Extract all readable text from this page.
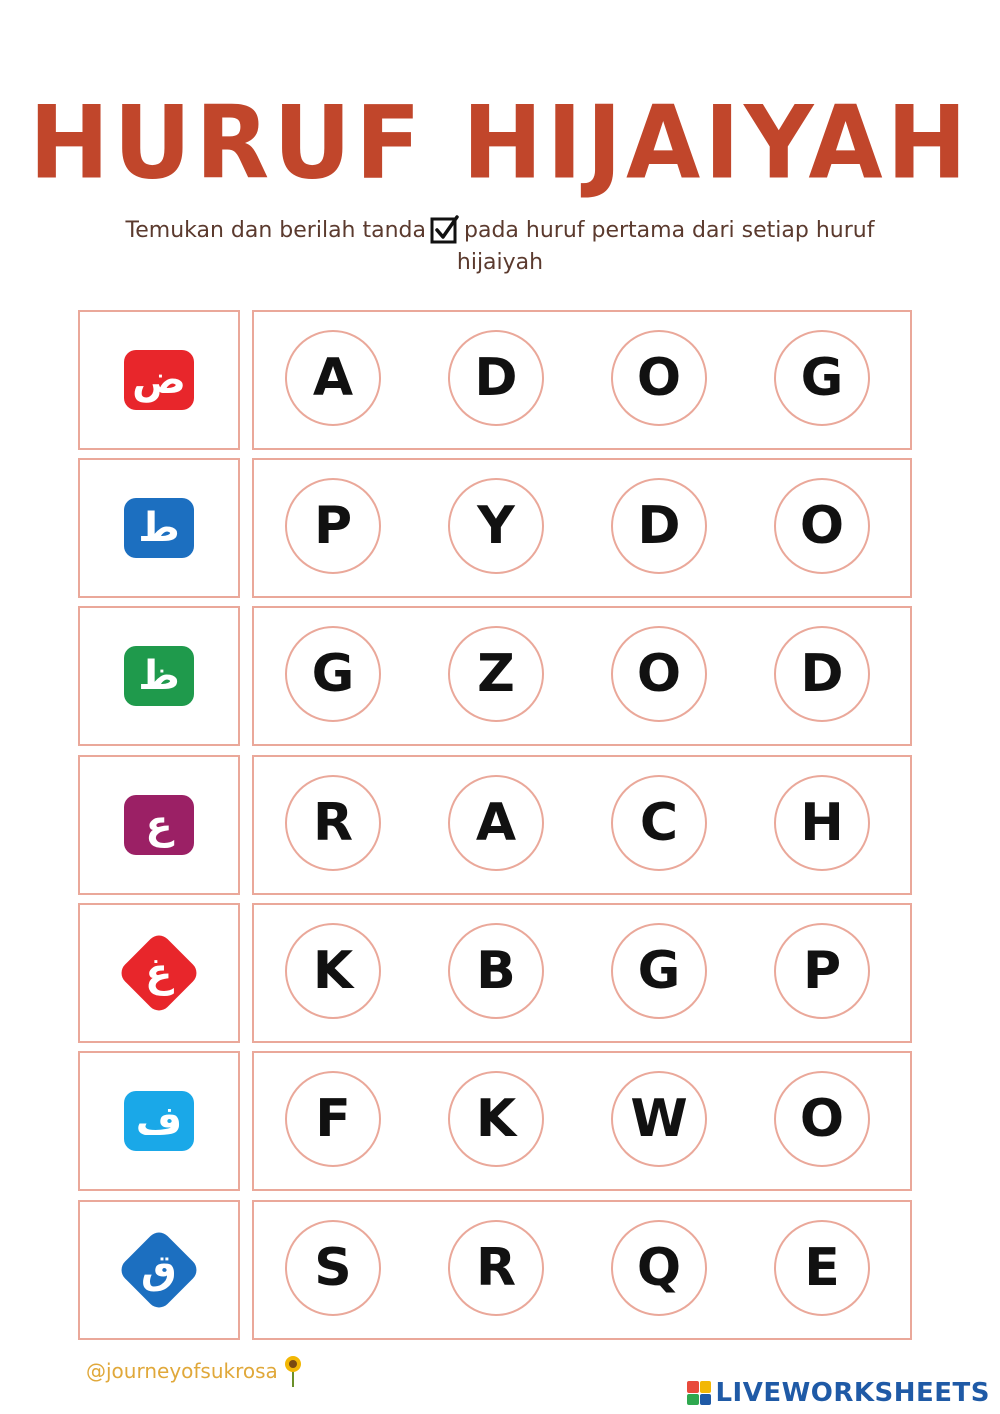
HURUF HIJAIYAH
Temukan dan berilah tanda pada huruf pertama dari setiap huruf hijaiyah
ض	A	D	O	G
ط	P	Y	D	O
ظ	G	Z	O	D
ع	R	A	C	H
غ	K	B	G	P
ف	F	K	W	O
ق	S	R	Q	E
@journeyofsukrosa
LIVEWORKSHEETS
